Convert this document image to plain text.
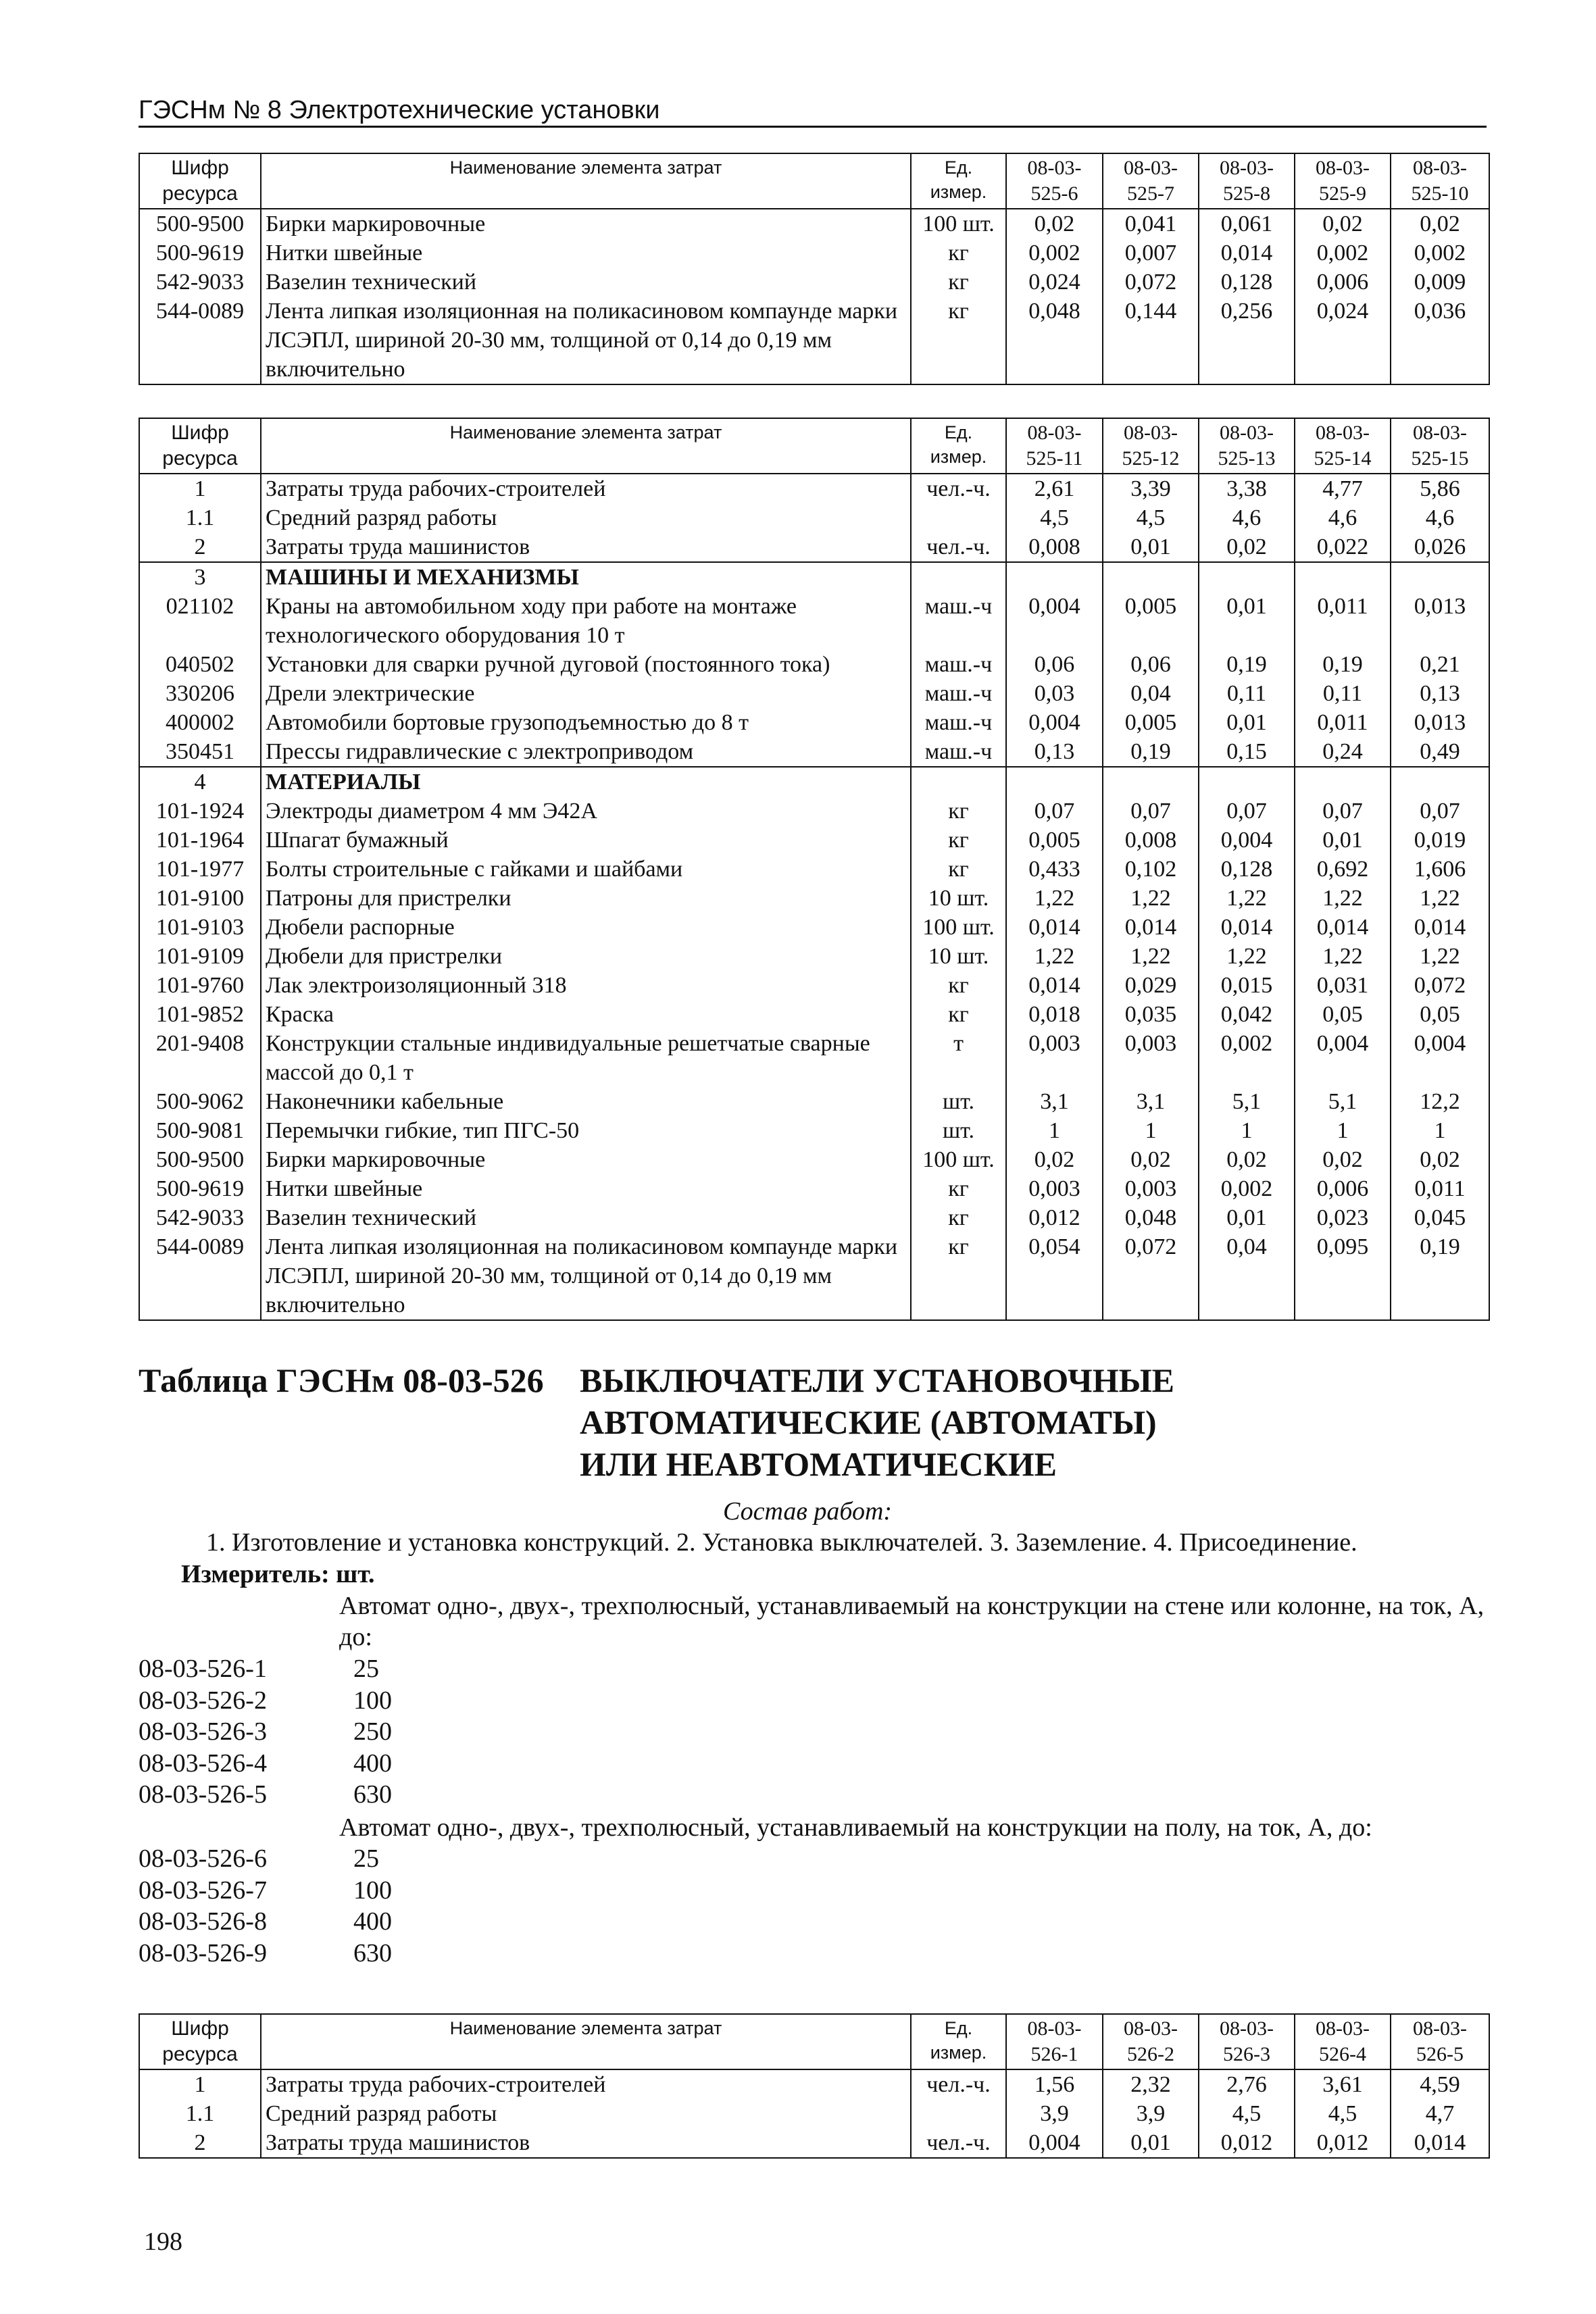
ГЭСНм № 8 Электротехнические установки
Шифр ресурса	Наименование элемента затрат	Ед. измер.	08-03-525-6	08-03-525-7	08-03-525-8	08-03-525-9	08-03-525-10
500-9500	Бирки маркировочные	100 шт.	0,02	0,041	0,061	0,02	0,02
500-9619	Нитки швейные	кг	0,002	0,007	0,014	0,002	0,002
542-9033	Вазелин технический	кг	0,024	0,072	0,128	0,006	0,009
544-0089	Лента липкая изоляционная на поликасиновом компаунде марки ЛСЭПЛ, шириной 20-30 мм, толщиной от 0,14 до 0,19 мм включительно	кг	0,048	0,144	0,256	0,024	0,036
Шифр ресурса	Наименование элемента затрат	Ед. измер.	08-03-525-11	08-03-525-12	08-03-525-13	08-03-525-14	08-03-525-15
1	Затраты труда рабочих-строителей	чел.-ч.	2,61	3,39	3,38	4,77	5,86
1.1	Средний разряд работы		4,5	4,5	4,6	4,6	4,6
2	Затраты труда машинистов	чел.-ч.	0,008	0,01	0,02	0,022	0,026
3	МАШИНЫ И МЕХАНИЗМЫ						
021102	Краны на автомобильном ходу при работе на монтаже технологического оборудования 10 т	маш.-ч	0,004	0,005	0,01	0,011	0,013
040502	Установки для сварки ручной дуговой (постоянного тока)	маш.-ч	0,06	0,06	0,19	0,19	0,21
330206	Дрели электрические	маш.-ч	0,03	0,04	0,11	0,11	0,13
400002	Автомобили бортовые грузоподъемностью до 8 т	маш.-ч	0,004	0,005	0,01	0,011	0,013
350451	Прессы гидравлические с электроприводом	маш.-ч	0,13	0,19	0,15	0,24	0,49
4	МАТЕРИАЛЫ						
101-1924	Электроды диаметром 4 мм Э42А	кг	0,07	0,07	0,07	0,07	0,07
101-1964	Шпагат бумажный	кг	0,005	0,008	0,004	0,01	0,019
101-1977	Болты строительные с гайками и шайбами	кг	0,433	0,102	0,128	0,692	1,606
101-9100	Патроны для пристрелки	10 шт.	1,22	1,22	1,22	1,22	1,22
101-9103	Дюбели распорные	100 шт.	0,014	0,014	0,014	0,014	0,014
101-9109	Дюбели для пристрелки	10 шт.	1,22	1,22	1,22	1,22	1,22
101-9760	Лак электроизоляционный 318	кг	0,014	0,029	0,015	0,031	0,072
101-9852	Краска	кг	0,018	0,035	0,042	0,05	0,05
201-9408	Конструкции стальные индивидуальные решетчатые сварные массой до 0,1 т	т	0,003	0,003	0,002	0,004	0,004
500-9062	Наконечники кабельные	шт.	3,1	3,1	5,1	5,1	12,2
500-9081	Перемычки гибкие, тип ПГС-50	шт.	1	1	1	1	1
500-9500	Бирки маркировочные	100 шт.	0,02	0,02	0,02	0,02	0,02
500-9619	Нитки швейные	кг	0,003	0,003	0,002	0,006	0,011
542-9033	Вазелин технический	кг	0,012	0,048	0,01	0,023	0,045
544-0089	Лента липкая изоляционная на поликасиновом компаунде марки ЛСЭПЛ, шириной 20-30 мм, толщиной от 0,14 до 0,19 мм включительно	кг	0,054	0,072	0,04	0,095	0,19
Таблица ГЭСНм 08-03-526 ВЫКЛЮЧАТЕЛИ УСТАНОВОЧНЫЕ
АВТОМАТИЧЕСКИЕ (АВТОМАТЫ)
ИЛИ НЕАВТОМАТИЧЕСКИЕ
Состав работ:
1. Изготовление и установка конструкций. 2. Установка выключателей. 3. Заземление. 4. Присоединение.
Измеритель: шт.
Автомат одно-, двух-, трехполюсный, устанавливаемый на конструкции на стене или колонне, на ток, А, до:
08-03-526-1	25
08-03-526-2	100
08-03-526-3	250
08-03-526-4	400
08-03-526-5	630
Автомат одно-, двух-, трехполюсный, устанавливаемый на конструкции на полу, на ток, А, до:
08-03-526-6	25
08-03-526-7	100
08-03-526-8	400
08-03-526-9	630
Шифр ресурса	Наименование элемента затрат	Ед. измер.	08-03-526-1	08-03-526-2	08-03-526-3	08-03-526-4	08-03-526-5
1	Затраты труда рабочих-строителей	чел.-ч.	1,56	2,32	2,76	3,61	4,59
1.1	Средний разряд работы		3,9	3,9	4,5	4,5	4,7
2	Затраты труда машинистов	чел.-ч.	0,004	0,01	0,012	0,012	0,014
198
